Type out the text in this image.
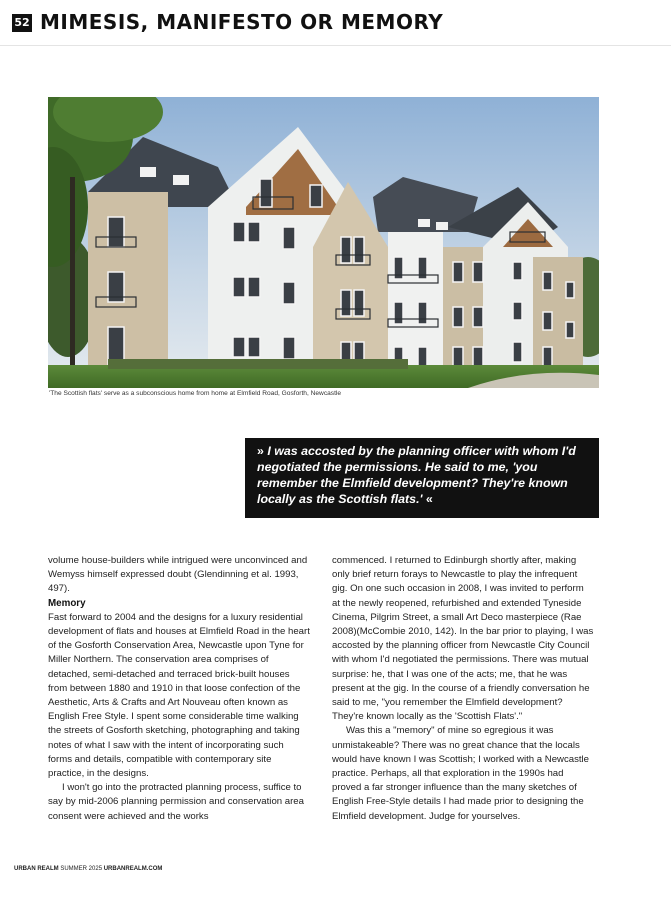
52 MIMESIS, MANIFESTO OR MEMORY
'The Scottish flats' serve as a subconscious home from home at Elmfield Road, Gosforth, Newcastle
» I was accosted by the planning officer with whom I'd negotiated the permissions. He said to me, 'you remember the Elmfield development? They're known locally as the Scottish flats.' «

volume house-builders while intrigued were unconvinced and Wemyss himself expressed doubt (Glendinning et al. 1993, 497).

Memory

Fast forward to 2004 and the designs for a luxury residential development of flats and houses at Elmfield Road in the heart of the Gosforth Conservation Area, Newcastle upon Tyne for Miller Northern. The conservation area comprises of detached, semi-detached and terraced brick-built houses from between 1880 and 1910 in that loose confection of the Aesthetic, Arts & Crafts and Art Nouveau often known as English Free Style. I spent some considerable time walking the streets of Gosforth sketching, photographing and taking notes of what I saw with the intent of incorporating such forms and details, compatible with contemporary site practice, in the designs.

I won't go into the protracted planning process, suffice to say by mid-2006 planning permission and conservation area consent were achieved and the works

commenced. I returned to Edinburgh shortly after, making only brief return forays to Newcastle to play the infrequent gig. On one such occasion in 2008, I was invited to perform at the newly reopened, refurbished and extended Tyneside Cinema, Pilgrim Street, a small Art Deco masterpiece (Rae 2008)(McCombie 2010, 142). In the bar prior to playing, I was accosted by the planning officer from Newcastle City Council with whom I'd negotiated the permissions. There was mutual surprise: he, that I was one of the acts; me, that he was present at the gig. In the course of a friendly conversation he said to me, "you remember the Elmfield development? They're known locally as the 'Scottish Flats'."

Was this a "memory" of mine so egregious it was unmistakeable? There was no great chance that the locals would have known I was Scottish; I worked with a Newcastle practice. Perhaps, all that exploration in the 1990s had proved a far stronger influence than the many sketches of English Free-Style details I had made prior to designing the Elmfield development. Judge for yourselves.

URBAN REALM SUMMER 2025 URBANREALM.COM
